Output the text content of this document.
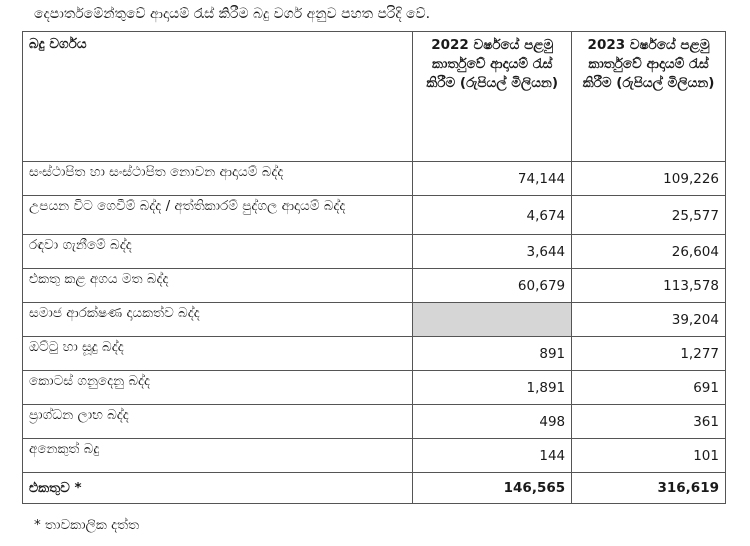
දෙපාර්තමේන්තුවේ ආදායම් රැස් කිරීම බදු වර්ග අනුව පහත පරිදි වේ.
බදු වර්ගය	2022 වර්ෂයේ පළමු කාර්තුවේ ආදායම් රැස් කිරීම (රුපියල් මිලියන)	2023 වර්ෂයේ පළමු කාර්තුවේ ආදායම් රැස් කිරීම (රුපියල් මිලියන)
සංස්ථාපිත හා සංස්ථාපිත නොවන ආදායම් බද්ද	74,144	109,226
උපයන විට ගෙවීම් බද්ද / අත්තිකාරම් පුද්ගල ආදායම් බද්ද	4,674	25,577
රඳවා ගැනීමේ බද්ද	3,644	26,604
එකතු කළ අගය මත බද්ද	60,679	113,578
සමාජ ආරක්ෂණ දායකත්ව බද්ද		39,204
ඔට්ටු හා සූදු බද්ද	891	1,277
කොටස් ගනුදෙනු බද්ද	1,891	691
ප්‍රාග්ධන ලාභ බද්ද	498	361
අනෙකුත් බදු	144	101
එකතුව *	146,565	316,619
* තාවකාලික දත්ත
